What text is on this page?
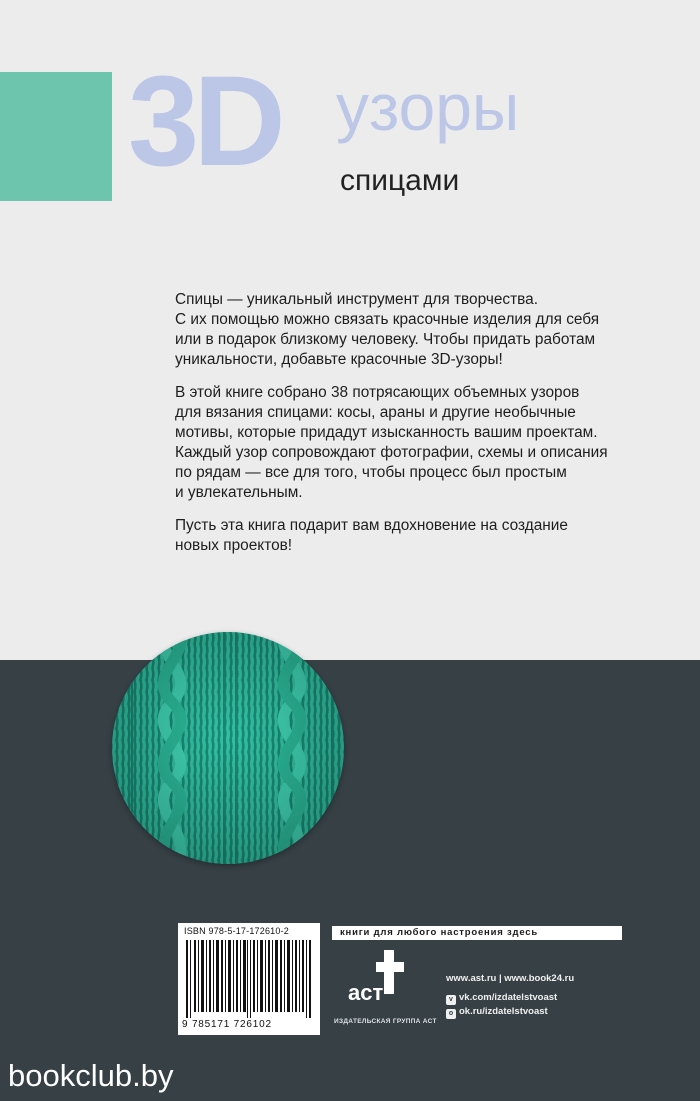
3D узоры
спицами

Спицы — уникальный инструмент для творчества.
С их помощью можно связать красочные изделия для себя
или в подарок близкому человеку. Чтобы придать работам
уникальности, добавьте красочные 3D-узоры!

В этой книге собрано 38 потрясающих объемных узоров
для вязания спицами: косы, араны и другие необычные
мотивы, которые придадут изысканность вашим проектам.
Каждый узор сопровождают фотографии, схемы и описания
по рядам — все для того, чтобы процесс был простым
и увлекательным.

Пусть эта книга подарит вам вдохновение на создание
новых проектов!

ISBN 978-5-17-172610-2
9 785171 726102
книги для любого настроения здесь
аст
ИЗДАТЕЛЬСКАЯ ГРУППА АСТ
www.ast.ru | www.book24.ru
v vk.com/izdatelstvoast
o ok.ru/izdatelstvoast
bookclub.by
